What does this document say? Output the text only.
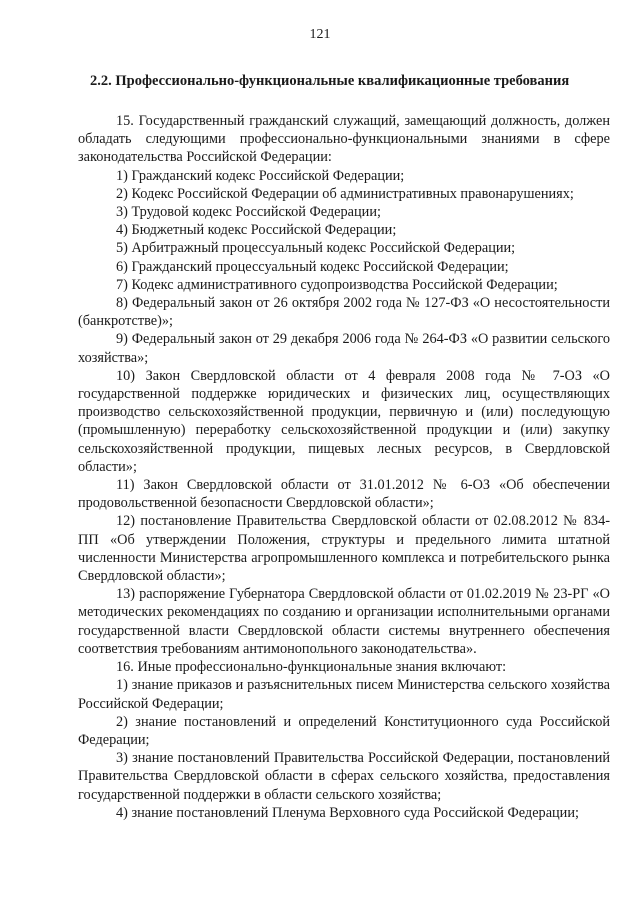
121
2.2. Профессионально-функциональные квалификационные требования

15. Государственный гражданский служащий, замещающий должность, должен обладать следующими профессионально-функциональными знаниями в сфере законодательства Российской Федерации:

1) Гражданский кодекс Российской Федерации;

2) Кодекс Российской Федерации об административных правонарушениях;

3) Трудовой кодекс Российской Федерации;

4) Бюджетный кодекс Российской Федерации;

5) Арбитражный процессуальный кодекс Российской Федерации;

6) Гражданский процессуальный кодекс Российской Федерации;

7) Кодекс административного судопроизводства Российской Федерации;

8) Федеральный закон от 26 октября 2002 года № 127-ФЗ «О несостоятельности (банкротстве)»;

9) Федеральный закон от 29 декабря 2006 года № 264-ФЗ «О развитии сельского хозяйства»;

10) Закон Свердловской области от 4 февраля 2008 года № 7-ОЗ «О государственной поддержке юридических и физических лиц, осуществляющих производство сельскохозяйственной продукции, первичную и (или) последующую (промышленную) переработку сельскохозяйственной продукции и (или) закупку сельскохозяйственной продукции, пищевых лесных ресурсов, в Свердловской области»;

11) Закон Свердловской области от 31.01.2012 № 6-ОЗ «Об обеспечении продовольственной безопасности Свердловской области»;

12) постановление Правительства Свердловской области от 02.08.2012 № 834-ПП «Об утверждении Положения, структуры и предельного лимита штатной численности Министерства агропромышленного комплекса и потребительского рынка Свердловской области»;

13) распоряжение Губернатора Свердловской области от 01.02.2019 № 23-РГ «О методических рекомендациях по созданию и организации исполнительными органами государственной власти Свердловской области системы внутреннего обеспечения соответствия требованиям антимонопольного законодательства».

16. Иные профессионально-функциональные знания включают:

1) знание приказов и разъяснительных писем Министерства сельского хозяйства Российской Федерации;

2) знание постановлений и определений Конституционного суда Российской Федерации;

3) знание постановлений Правительства Российской Федерации, постановлений Правительства Свердловской области в сферах сельского хозяйства, предоставления государственной поддержки в области сельского хозяйства;

4) знание постановлений Пленума Верховного суда Российской Федерации;
